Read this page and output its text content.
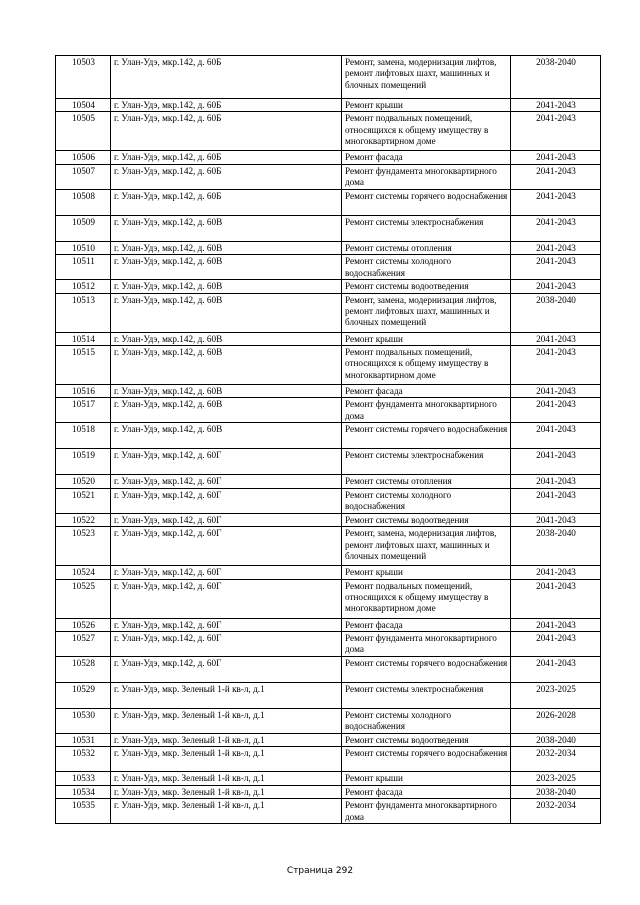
10503	г. Улан-Удэ, мкр.142, д. 60Б	Ремонт, замена, модернизация лифтов, ремонт лифтовых шахт, машинных и блочных помещений	2038-2040
10504	г. Улан-Удэ, мкр.142, д. 60Б	Ремонт крыши	2041-2043
10505	г. Улан-Удэ, мкр.142, д. 60Б	Ремонт подвальных помещений, относящихся к общему имуществу в многоквартирном доме	2041-2043
10506	г. Улан-Удэ, мкр.142, д. 60Б	Ремонт фасада	2041-2043
10507	г. Улан-Удэ, мкр.142, д. 60Б	Ремонт фундамента многоквартирного дома	2041-2043
10508	г. Улан-Удэ, мкр.142, д. 60Б	Ремонт системы горячего водоснабжения	2041-2043
10509	г. Улан-Удэ, мкр.142, д. 60В	Ремонт системы электроснабжения	2041-2043
10510	г. Улан-Удэ, мкр.142, д. 60В	Ремонт системы отопления	2041-2043
10511	г. Улан-Удэ, мкр.142, д. 60В	Ремонт системы холодного водоснабжения	2041-2043
10512	г. Улан-Удэ, мкр.142, д. 60В	Ремонт системы водоотведения	2041-2043
10513	г. Улан-Удэ, мкр.142, д. 60В	Ремонт, замена, модернизация лифтов, ремонт лифтовых шахт, машинных и блочных помещений	2038-2040
10514	г. Улан-Удэ, мкр.142, д. 60В	Ремонт крыши	2041-2043
10515	г. Улан-Удэ, мкр.142, д. 60В	Ремонт подвальных помещений, относящихся к общему имуществу в многоквартирном доме	2041-2043
10516	г. Улан-Удэ, мкр.142, д. 60В	Ремонт фасада	2041-2043
10517	г. Улан-Удэ, мкр.142, д. 60В	Ремонт фундамента многоквартирного дома	2041-2043
10518	г. Улан-Удэ, мкр.142, д. 60В	Ремонт системы горячего водоснабжения	2041-2043
10519	г. Улан-Удэ, мкр.142, д. 60Г	Ремонт системы электроснабжения	2041-2043
10520	г. Улан-Удэ, мкр.142, д. 60Г	Ремонт системы отопления	2041-2043
10521	г. Улан-Удэ, мкр.142, д. 60Г	Ремонт системы холодного водоснабжения	2041-2043
10522	г. Улан-Удэ, мкр.142, д. 60Г	Ремонт системы водоотведения	2041-2043
10523	г. Улан-Удэ, мкр.142, д. 60Г	Ремонт, замена, модернизация лифтов, ремонт лифтовых шахт, машинных и блочных помещений	2038-2040
10524	г. Улан-Удэ, мкр.142, д. 60Г	Ремонт крыши	2041-2043
10525	г. Улан-Удэ, мкр.142, д. 60Г	Ремонт подвальных помещений, относящихся к общему имуществу в многоквартирном доме	2041-2043
10526	г. Улан-Удэ, мкр.142, д. 60Г	Ремонт фасада	2041-2043
10527	г. Улан-Удэ, мкр.142, д. 60Г	Ремонт фундамента многоквартирного дома	2041-2043
10528	г. Улан-Удэ, мкр.142, д. 60Г	Ремонт системы горячего водоснабжения	2041-2043
10529	г. Улан-Удэ, мкр. Зеленый 1-й кв-л, д.1	Ремонт системы электроснабжения	2023-2025
10530	г. Улан-Удэ, мкр. Зеленый 1-й кв-л, д.1	Ремонт системы холодного водоснабжения	2026-2028
10531	г. Улан-Удэ, мкр. Зеленый 1-й кв-л, д.1	Ремонт системы водоотведения	2038-2040
10532	г. Улан-Удэ, мкр. Зеленый 1-й кв-л, д.1	Ремонт системы горячего водоснабжения	2032-2034
10533	г. Улан-Удэ, мкр. Зеленый 1-й кв-л, д.1	Ремонт крыши	2023-2025
10534	г. Улан-Удэ, мкр. Зеленый 1-й кв-л, д.1	Ремонт фасада	2038-2040
10535	г. Улан-Удэ, мкр. Зеленый 1-й кв-л, д.1	Ремонт фундамента многоквартирного дома	2032-2034
Страница 292
